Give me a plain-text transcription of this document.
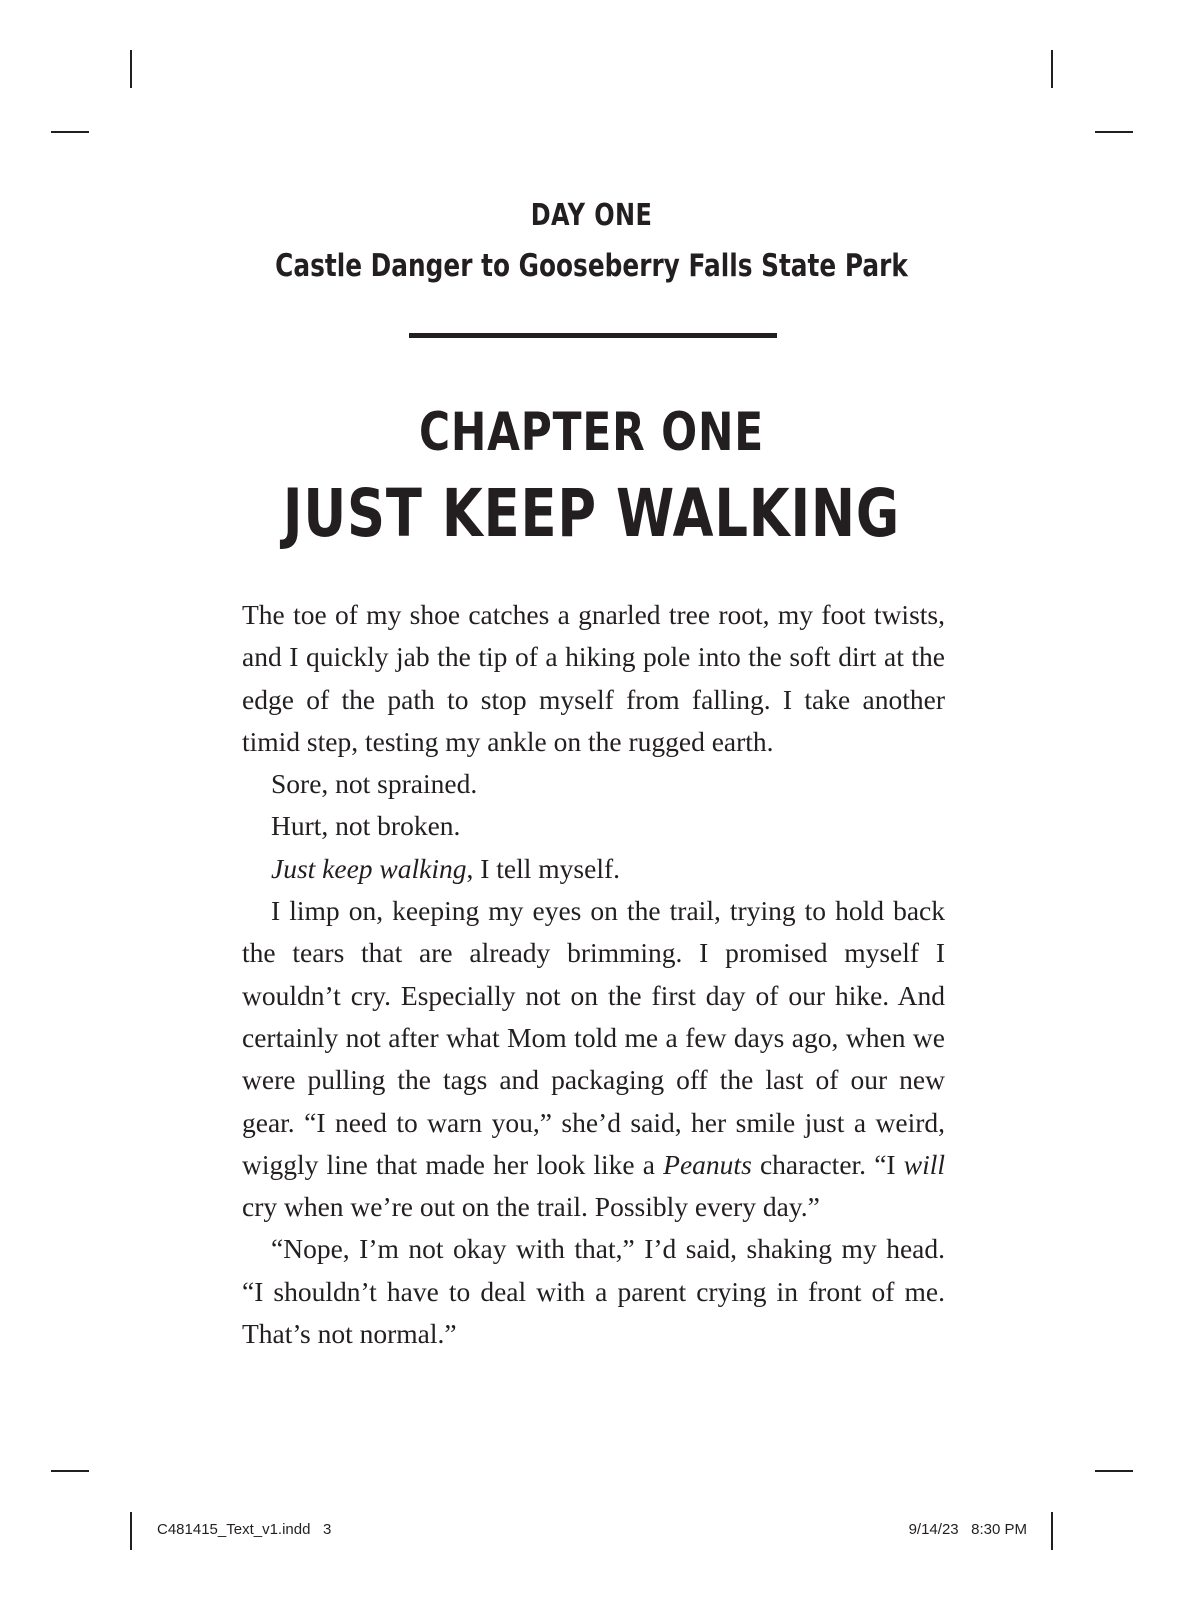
DAY ONE
Castle Danger to Gooseberry Falls State Park
CHAPTER ONE
JUST KEEP WALKING

The toe of my shoe catches a gnarled tree root, my foot twists, and I quickly jab the tip of a hiking pole into the soft dirt at the edge of the path to stop myself from falling. I take another timid step, testing my ankle on the rugged earth.

Sore, not sprained.

Hurt, not broken.

Just keep walking, I tell myself.

I limp on, keeping my eyes on the trail, trying to hold back the tears that are already brimming. I promised myself I wouldn’t cry. Especially not on the first day of our hike. And certainly not after what Mom told me a few days ago, when we were pulling the tags and packaging off the last of our new gear. “I need to warn you,” she’d said, her smile just a weird, wiggly line that made her look like a Peanuts character. “I will cry when we’re out on the trail. Possibly every day.”

“Nope, I’m not okay with that,” I’d said, shaking my head. “I shouldn’t have to deal with a parent crying in front of me. That’s not normal.”

C481415_Text_v1.indd   3	9/14/23   8:30 PM
